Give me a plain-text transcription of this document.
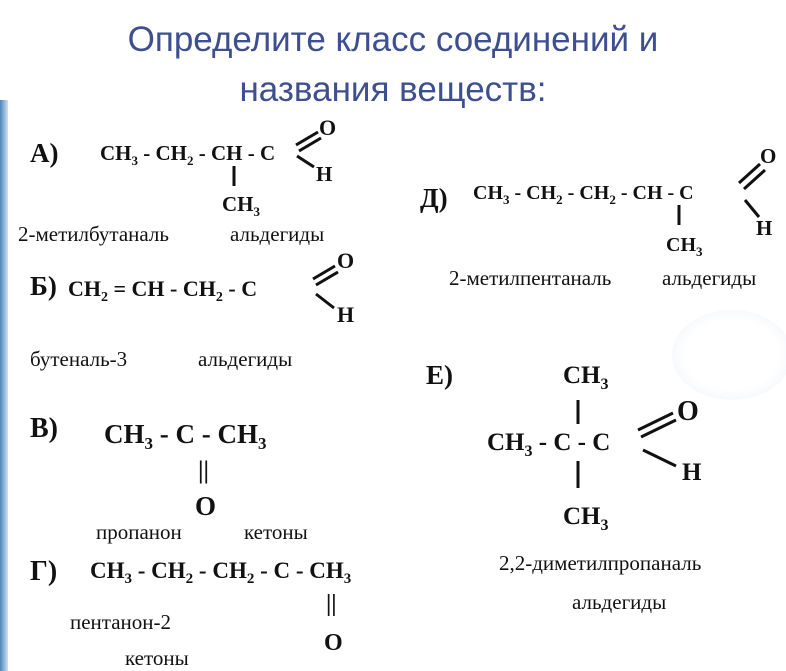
Определите класс соединений и
названия веществ:
А) $CH_3 - CH_2$ - CH - C
O
H
$CH_3$
Б) $CH_2$ = CH - $CH_2$ - C
O
H
В) $CH_3$ - C - $CH_3$
||
O
Г) $CH_3 - CH_2 - CH_2$ - C - $CH_3$
||
O
Д) $CH_3 - CH_2 - CH_2$ - CH - C
O
H
$CH_3$
Е)	$CH_3$
$CH_3$ - C - C
$CH_3$
O
H
2-метилбутаналь	альдегиды
2-метилпентаналь альдегиды
бутеналь-3	альдегиды
пропанон	кетоны
2,2-диметилпропаналь
альдегиды
пентанон-2
кетоны
